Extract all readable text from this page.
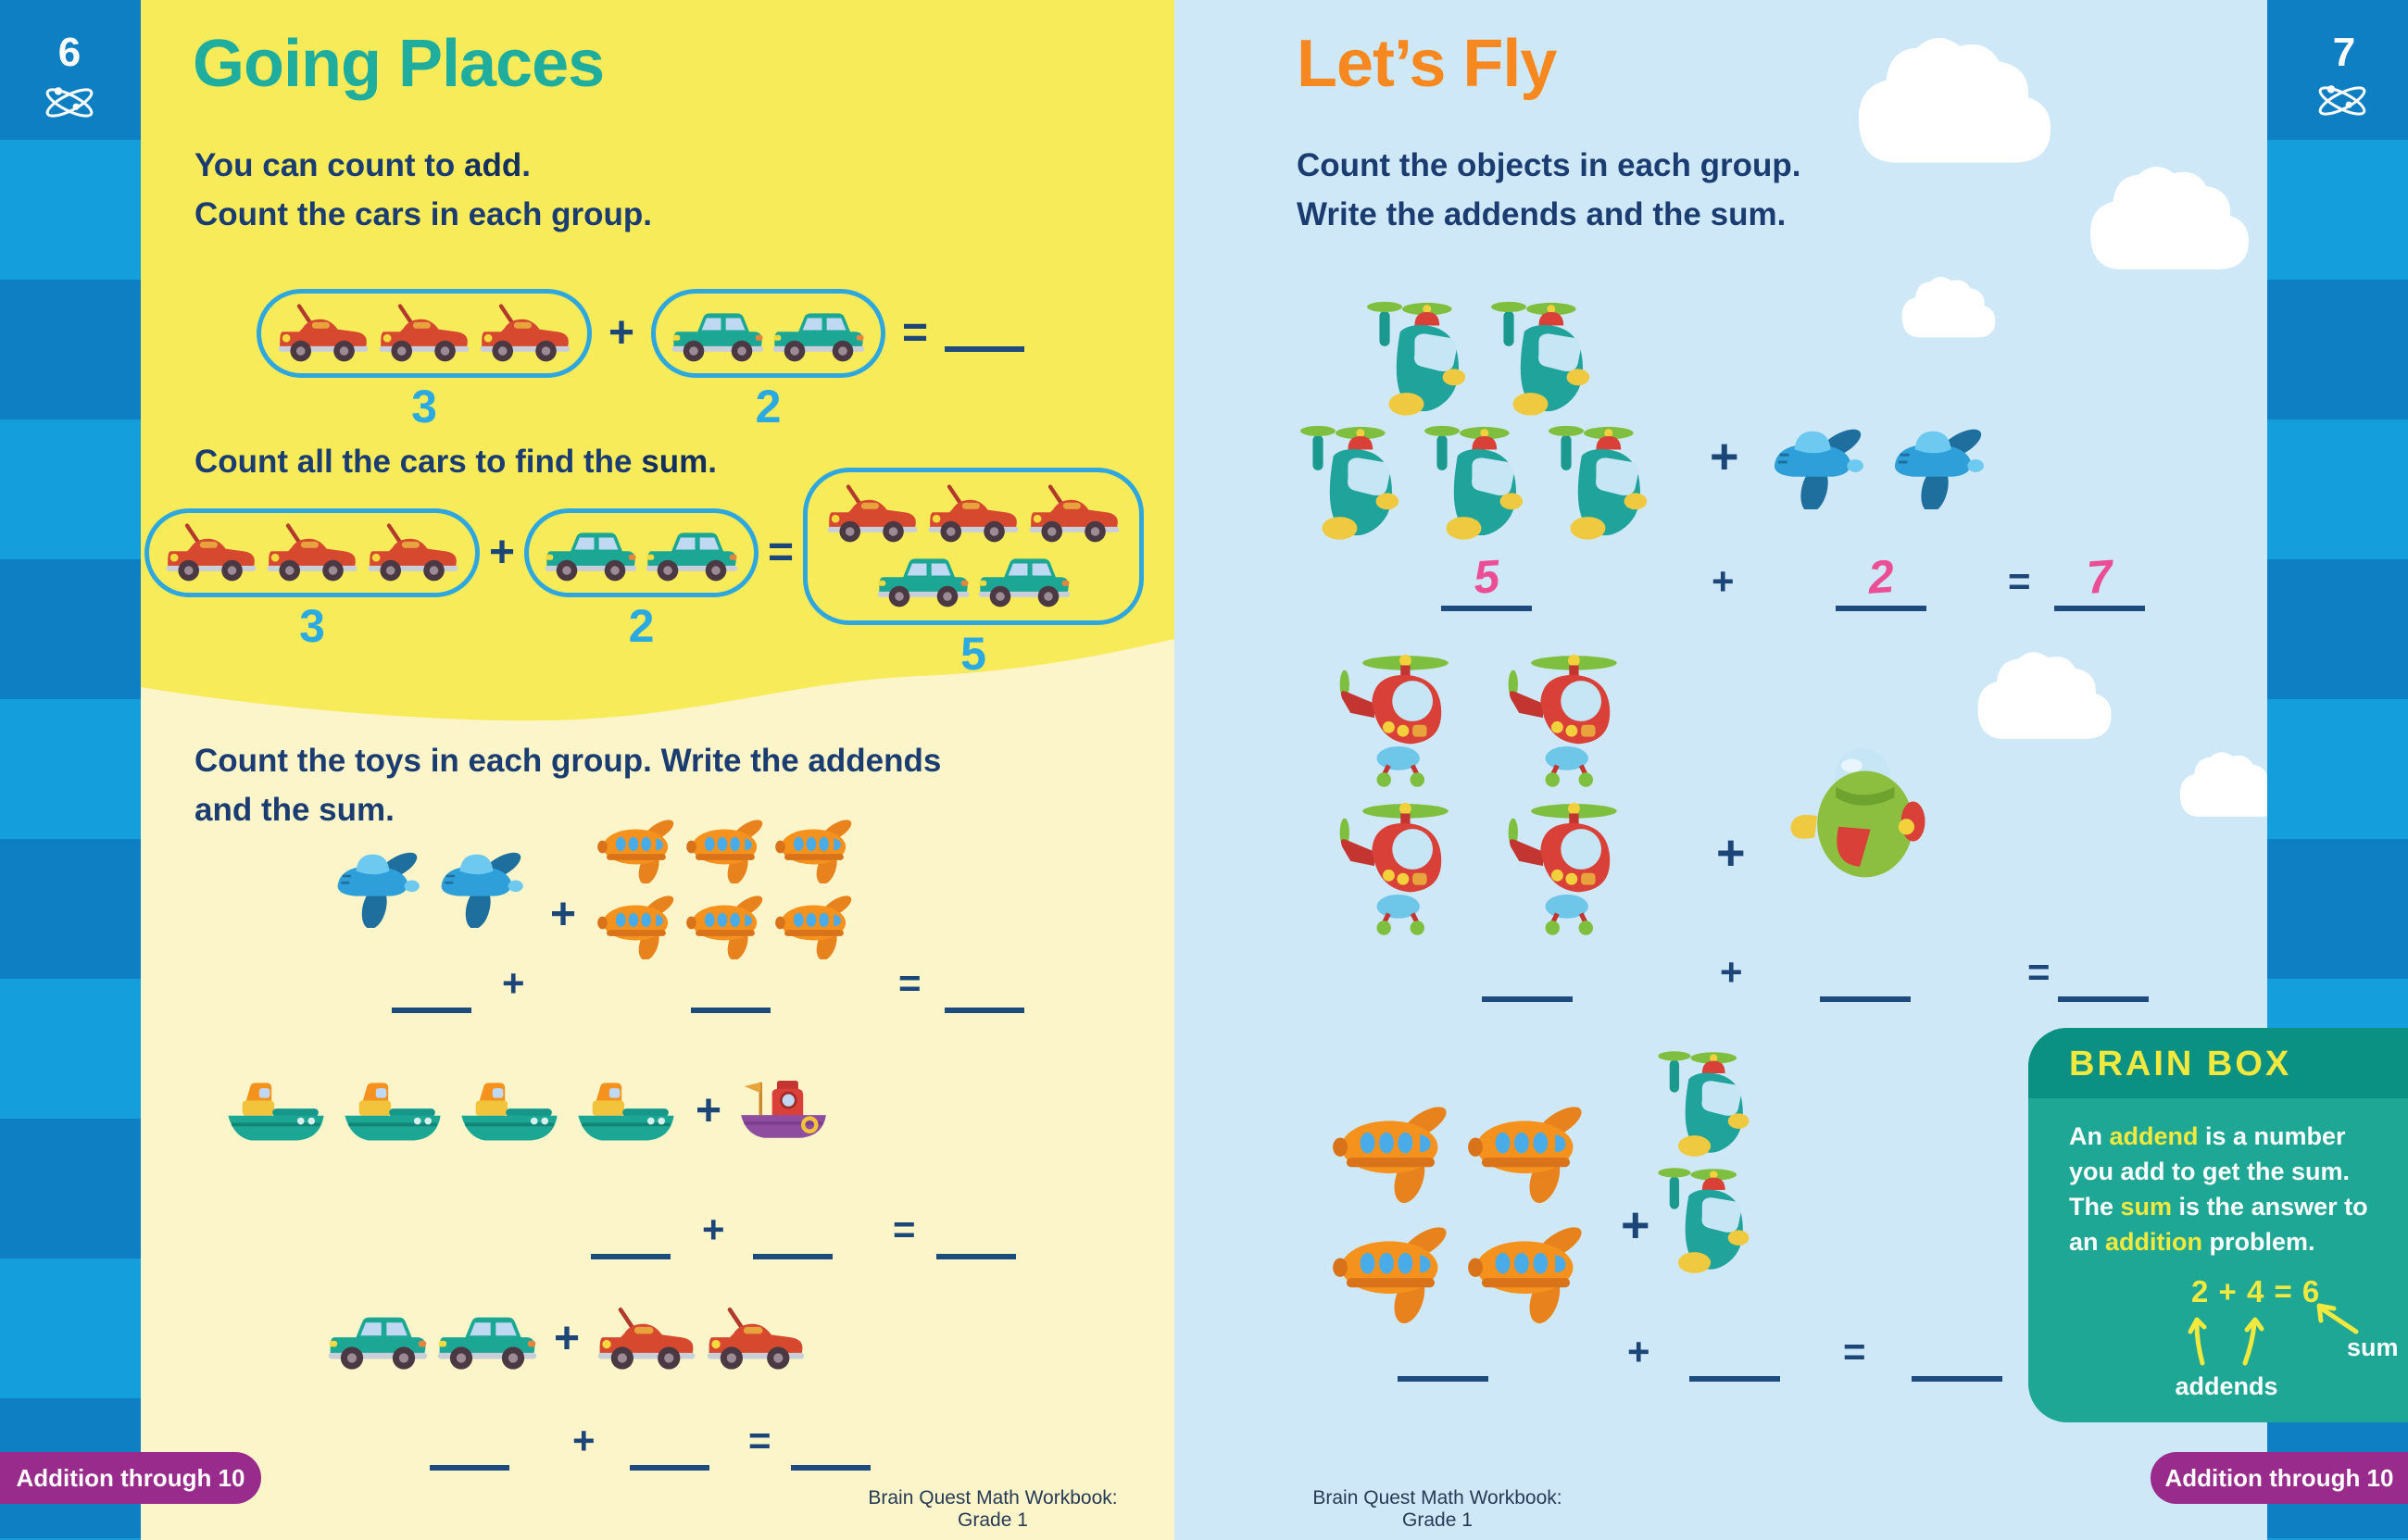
Going Places

You can count to add.

Count the cars in each group.

3
+
2
=

Count all the cars to find the sum.

3
+
2
=
5

Count the toys in each group. Write the addends

and the sum.

+
+	=
+
+	=
+
+	=
Let’s Fly

Count the objects in each group.

Write the addends and the sum.

+
5	+	2	=	7
+
+	=
+
+	=
6	7
BRAIN BOX

An addend is a number you add to get the sum. The sum is the answer to an addition problem.

2 + 4 = 6
addends
sum
Addition through 10	Addition through 10
Brain Quest Math Workbook: Grade 1
Brain Quest Math Workbook: Grade 1
